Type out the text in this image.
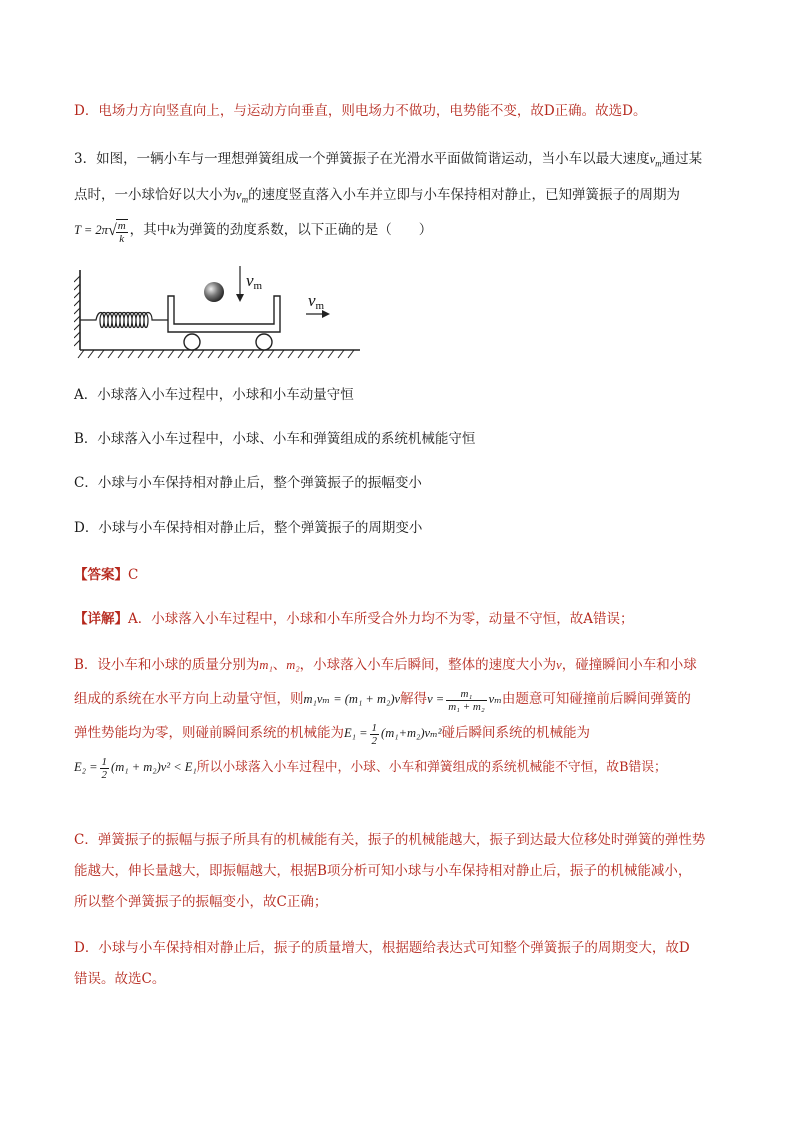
D．电场力方向竖直向上，与运动方向垂直，则电场力不做功，电势能不变，故D正确。故选D。
3．如图，一辆小车与一理想弹簧组成一个弹簧振子在光滑水平面做简谐运动，当小车以最大速度$v_m$通过某
点时，一小球恰好以大小为$v_m$的速度竖直落入小车并立即与小车保持相对静止，已知弹簧振子的周期为
$T = 2\pi√ \frac{m}{k}$ ，其中k为弹簧的劲度系数，以下正确的是（　　）
vm
vm
A．小球落入小车过程中，小球和小车动量守恒
B．小球落入小车过程中，小球、小车和弹簧组成的系统机械能守恒
C．小球与小车保持相对静止后，整个弹簧振子的振幅变小
D．小球与小车保持相对静止后，整个弹簧振子的周期变小
【答案】C
【详解】A．小球落入小车过程中，小球和小车所受合外力均不为零，动量不守恒，故A错误；
B．设小车和小球的质量分别为m₁、m₂，小球落入小车后瞬间，整体的速度大小为v，碰撞瞬间小车和小球
组成的系统在水平方向上动量守恒，则m₁vₘ = (m₁ + m₂)v解得$v = \frac{\text{m₁}}{\text{m₁ + m₂}}$ vₘ由题意可知碰撞前后瞬间弹簧的
弹性势能均为零，则碰前瞬间系统的机械能为$E_1 = \frac{1}{2} (m_1+m_2)v_m^2$碰后瞬间系统的机械能为
$E_2 = \frac{1}{2} (m_1 + m_2)v^2 < E_1$所以小球落入小车过程中，小球、小车和弹簧组成的系统机械能不守恒，故B错误；
C．弹簧振子的振幅与振子所具有的机械能有关，振子的机械能越大，振子到达最大位移处时弹簧的弹性势
能越大，伸长量越大，即振幅越大，根据B项分析可知小球与小车保持相对静止后，振子的机械能减小，
所以整个弹簧振子的振幅变小，故C正确；
D．小球与小车保持相对静止后，振子的质量增大，根据题给表达式可知整个弹簧振子的周期变大，故D
错误。故选C。
